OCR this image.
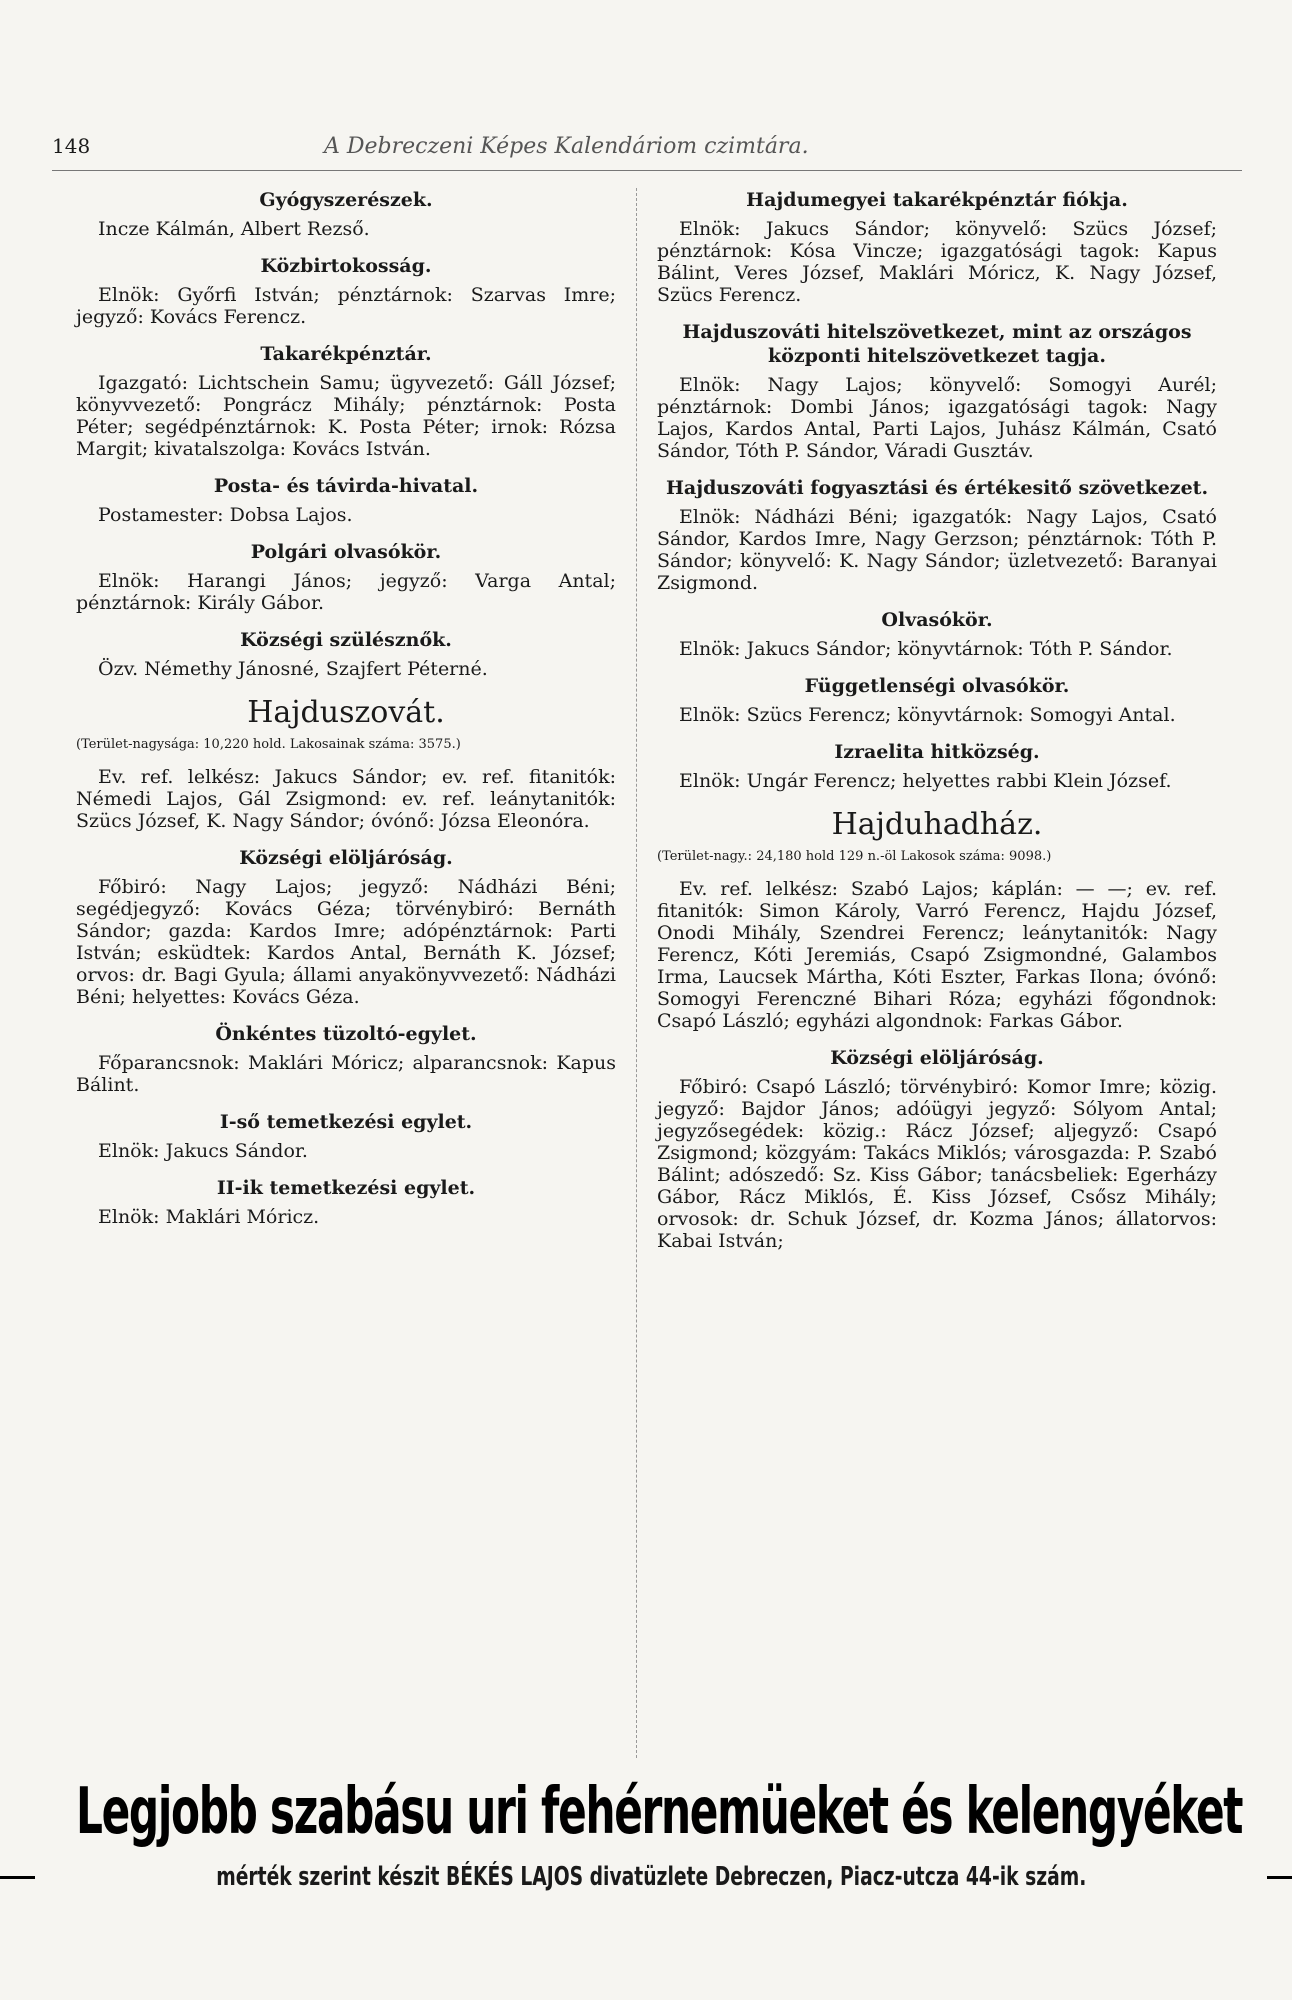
148	A Debreczeni Képes Kalendáriom czimtára.
Gyógyszerészek.

Incze Kálmán, Albert Rezső.

Közbirtokosság.

Elnök: Győrfi István; pénztárnok: Szarvas Imre; jegyző: Kovács Ferencz.

Takarékpénztár.

Igazgató: Lichtschein Samu; ügyvezető: Gáll József; könyvvezető: Pongrácz Mihály; pénztárnok: Posta Péter; segédpénztárnok: K. Posta Péter; irnok: Rózsa Margit; kivatalszolga: Kovács István.

Posta- és távirda-hivatal.

Postamester: Dobsa Lajos.

Polgári olvasókör.

Elnök: Harangi János; jegyző: Varga Antal; pénztárnok: Király Gábor.

Községi szülésznők.

Özv. Némethy Jánosné, Szajfert Péterné.

Hajduszovát.
(Terület-nagysága: 10,220 hold. Lakosainak száma: 3575.)

Ev. ref. lelkész: Jakucs Sándor; ev. ref. fitanitók: Némedi Lajos, Gál Zsigmond: ev. ref. leánytanitók: Szücs József, K. Nagy Sándor; óvónő: Józsa Eleonóra.

Községi elöljáróság.

Főbiró: Nagy Lajos; jegyző: Nádházi Béni; segédjegyző: Kovács Géza; törvénybiró: Bernáth Sándor; gazda: Kardos Imre; adópénztárnok: Parti István; esküdtek: Kardos Antal, Bernáth K. József; orvos: dr. Bagi Gyula; állami anyakönyvvezető: Nádházi Béni; helyettes: Kovács Géza.

Önkéntes tüzoltó-egylet.

Főparancsnok: Maklári Móricz; alparancsnok: Kapus Bálint.

I-ső temetkezési egylet.

Elnök: Jakucs Sándor.

II-ik temetkezési egylet.

Elnök: Maklári Móricz.

Hajdumegyei takarékpénztár fiókja.

Elnök: Jakucs Sándor; könyvelő: Szücs József; pénztárnok: Kósa Vincze; igazgatósági tagok: Kapus Bálint, Veres József, Maklári Móricz, K. Nagy József, Szücs Ferencz.

Hajduszováti hitelszövetkezet, mint az országos központi hitelszövetkezet tagja.

Elnök: Nagy Lajos; könyvelő: Somogyi Aurél; pénztárnok: Dombi János; igazgatósági tagok: Nagy Lajos, Kardos Antal, Parti Lajos, Juhász Kálmán, Csató Sándor, Tóth P. Sándor, Váradi Gusztáv.

Hajduszováti fogyasztási és értékesitő szövetkezet.

Elnök: Nádházi Béni; igazgatók: Nagy Lajos, Csató Sándor, Kardos Imre, Nagy Gerzson; pénztárnok: Tóth P. Sándor; könyvelő: K. Nagy Sándor; üzletvezető: Baranyai Zsigmond.

Olvasókör.

Elnök: Jakucs Sándor; könyvtárnok: Tóth P. Sándor.

Függetlenségi olvasókör.

Elnök: Szücs Ferencz; könyvtárnok: Somogyi Antal.

Izraelita hitközség.

Elnök: Ungár Ferencz; helyettes rabbi Klein József.

Hajduhadház.
(Terület-nagy.: 24,180 hold 129 n.-öl Lakosok száma: 9098.)

Ev. ref. lelkész: Szabó Lajos; káplán: — —; ev. ref. fitanitók: Simon Károly, Varró Ferencz, Hajdu József, Onodi Mihály, Szendrei Ferencz; leánytanitók: Nagy Ferencz, Kóti Jeremiás, Csapó Zsigmondné, Galambos Irma, Laucsek Mártha, Kóti Eszter, Farkas Ilona; óvónő: Somogyi Ferenczné Bihari Róza; egyházi főgondnok: Csapó László; egyházi algondnok: Farkas Gábor.

Községi elöljáróság.

Főbiró: Csapó László; törvénybiró: Komor Imre; közig. jegyző: Bajdor János; adóügyi jegyző: Sólyom Antal; jegyzősegédek: közig.: Rácz József; aljegyző: Csapó Zsigmond; közgyám: Takács Miklós; városgazda: P. Szabó Bálint; adószedő: Sz. Kiss Gábor; tanácsbeliek: Egerházy Gábor, Rácz Miklós, É. Kiss József, Csősz Mihály; orvosok: dr. Schuk József, dr. Kozma János; állatorvos: Kabai István;

Legjobb szabásu uri fehérnemüeket és kelengyéket
mérték szerint készit BÉKÉS LAJOS divatüzlete Debreczen, Piacz-utcza 44-ik szám.
